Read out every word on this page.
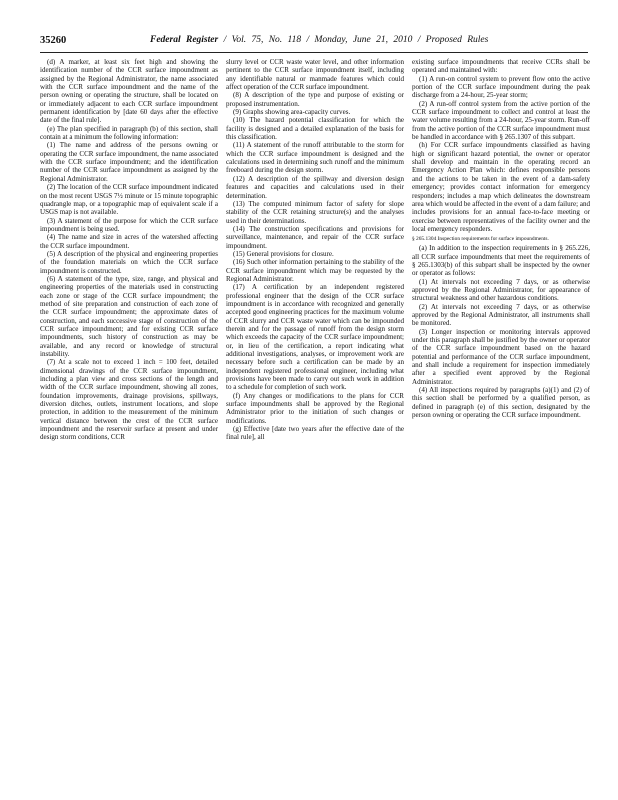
35260	Federal Register / Vol. 75, No. 118 / Monday, June 21, 2010 / Proposed Rules

(d) A marker, at least six feet high and showing the identification number of the CCR surface impoundment as assigned by the Regional Administrator, the name associated with the CCR surface impoundment and the name of the person owning or operating the structure, shall be located on or immediately adjacent to each CCR surface impoundment permanent identification by [date 60 days after the effective date of the final rule].

(e) The plan specified in paragraph (b) of this section, shall contain at a minimum the following information:

(1) The name and address of the persons owning or operating the CCR surface impoundment, the name associated with the CCR surface impoundment; and the identification number of the CCR surface impoundment as assigned by the Regional Administrator.

(2) The location of the CCR surface impoundment indicated on the most recent USGS 7½ minute or 15 minute topographic quadrangle map, or a topographic map of equivalent scale if a USGS map is not available.

(3) A statement of the purpose for which the CCR surface impoundment is being used.

(4) The name and size in acres of the watershed affecting the CCR surface impoundment.

(5) A description of the physical and engineering properties of the foundation materials on which the CCR surface impoundment is constructed.

(6) A statement of the type, size, range, and physical and engineering properties of the materials used in constructing each zone or stage of the CCR surface impoundment; the method of site preparation and construction of each zone of the CCR surface impoundment; the approximate dates of construction, and each successive stage of construction of the CCR surface impoundment; and for existing CCR surface impoundments, such history of construction as may be available, and any record or knowledge of structural instability.

(7) At a scale not to exceed 1 inch = 100 feet, detailed dimensional drawings of the CCR surface impoundment, including a plan view and cross sections of the length and width of the CCR surface impoundment, showing all zones, foundation improvements, drainage provisions, spillways, diversion ditches, outlets, instrument locations, and slope protection, in addition to the measurement of the minimum vertical distance between the crest of the CCR surface impoundment and the reservoir surface at present and under design storm conditions, CCR

slurry level or CCR waste water level, and other information pertinent to the CCR surface impoundment itself, including any identifiable natural or manmade features which could affect operation of the CCR surface impoundment.

(8) A description of the type and purpose of existing or proposed instrumentation.

(9) Graphs showing area-capacity curves.

(10) The hazard potential classification for which the facility is designed and a detailed explanation of the basis for this classification.

(11) A statement of the runoff attributable to the storm for which the CCR surface impoundment is designed and the calculations used in determining such runoff and the minimum freeboard during the design storm.

(12) A description of the spillway and diversion design features and capacities and calculations used in their determination.

(13) The computed minimum factor of safety for slope stability of the CCR retaining structure(s) and the analyses used in their determinations.

(14) The construction specifications and provisions for surveillance, maintenance, and repair of the CCR surface impoundment.

(15) General provisions for closure.

(16) Such other information pertaining to the stability of the CCR surface impoundment which may be requested by the Regional Administrator.

(17) A certification by an independent registered professional engineer that the design of the CCR surface impoundment is in accordance with recognized and generally accepted good engineering practices for the maximum volume of CCR slurry and CCR waste water which can be impounded therein and for the passage of runoff from the design storm which exceeds the capacity of the CCR surface impoundment; or, in lieu of the certification, a report indicating what additional investigations, analyses, or improvement work are necessary before such a certification can be made by an independent registered professional engineer, including what provisions have been made to carry out such work in addition to a schedule for completion of such work.

(f) Any changes or modifications to the plans for CCR surface impoundments shall be approved by the Regional Administrator prior to the initiation of such changes or modifications.

(g) Effective [date two years after the effective date of the final rule], all

existing surface impoundments that receive CCRs shall be operated and maintained with:

(1) A run-on control system to prevent flow onto the active portion of the CCR surface impoundment during the peak discharge from a 24-hour, 25-year storm;

(2) A run-off control system from the active portion of the CCR surface impoundment to collect and control at least the water volume resulting from a 24-hour, 25-year storm. Run-off from the active portion of the CCR surface impoundment must be handled in accordance with § 265.1307 of this subpart.

(h) For CCR surface impoundments classified as having high or significant hazard potential, the owner or operator shall develop and maintain in the operating record an Emergency Action Plan which: defines responsible persons and the actions to be taken in the event of a dam-safety emergency; provides contact information for emergency responders; includes a map which delineates the downstream area which would be affected in the event of a dam failure; and includes provisions for an annual face-to-face meeting or exercise between representatives of the facility owner and the local emergency responders.

§ 265.1304 Inspection requirements for surface impoundments.

(a) In addition to the inspection requirements in § 265.226, all CCR surface impoundments that meet the requirements of § 265.1303(b) of this subpart shall be inspected by the owner or operator as follows:

(1) At intervals not exceeding 7 days, or as otherwise approved by the Regional Administrator, for appearance of structural weakness and other hazardous conditions.

(2) At intervals not exceeding 7 days, or as otherwise approved by the Regional Administrator, all instruments shall be monitored.

(3) Longer inspection or monitoring intervals approved under this paragraph shall be justified by the owner or operator of the CCR surface impoundment based on the hazard potential and performance of the CCR surface impoundment, and shall include a requirement for inspection immediately after a specified event approved by the Regional Administrator.

(4) All inspections required by paragraphs (a)(1) and (2) of this section shall be performed by a qualified person, as defined in paragraph (e) of this section, designated by the person owning or operating the CCR surface impoundment.
